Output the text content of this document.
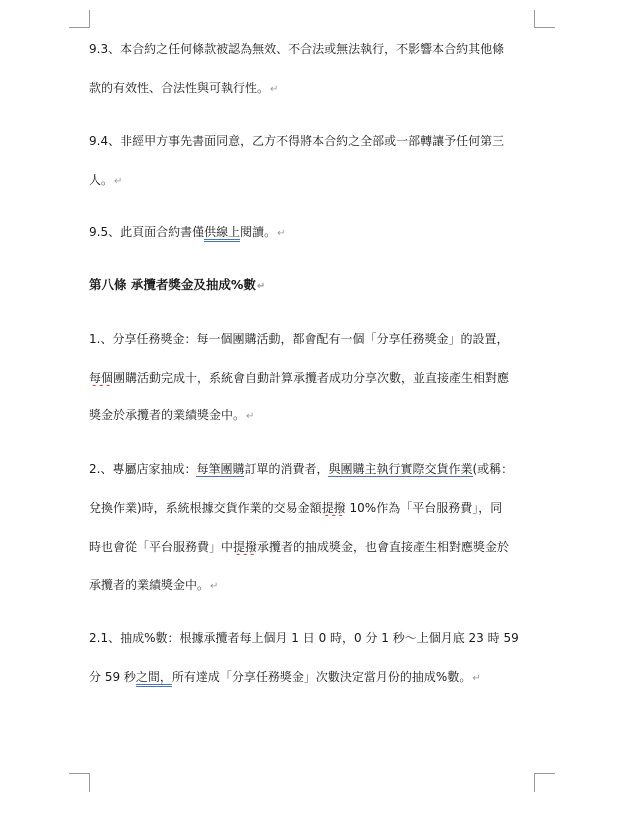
9.3、本合約之任何條款被認為無效、不合法或無法執行，不影響本合約其他條
款的有效性、合法性與可執行性。↵
9.4、非經甲方事先書面同意，乙方不得將本合約之全部或一部轉讓予任何第三
人。↵
9.5、此頁面合約書僅供線上閱讀。↵
第八條 承攬者獎金及抽成%數↵
1.、分享任務獎金：每一個團購活動，都會配有一個「分享任務獎金」的設置，
每個團購活動完成十，系統會自動計算承攬者成功分享次數，並直接產生相對應
獎金於承攬者的業績獎金中。↵
2.、專屬店家抽成：每筆團購訂單的消費者，與團購主執行實際交貨作業(或稱：
兌換作業)時，系統根據交貨作業的交易金額提撥 10%作為「平台服務費」，同
時也會從「平台服務費」中提撥承攬者的抽成獎金，也會直接產生相對應獎金於
承攬者的業績獎金中。↵
2.1、抽成%數：根據承攬者每上個月 1 日 0 時，0 分 1 秒～上個月底 23 時 59
分 59 秒之間，所有達成「分享任務獎金」次數決定當月份的抽成%數。↵
